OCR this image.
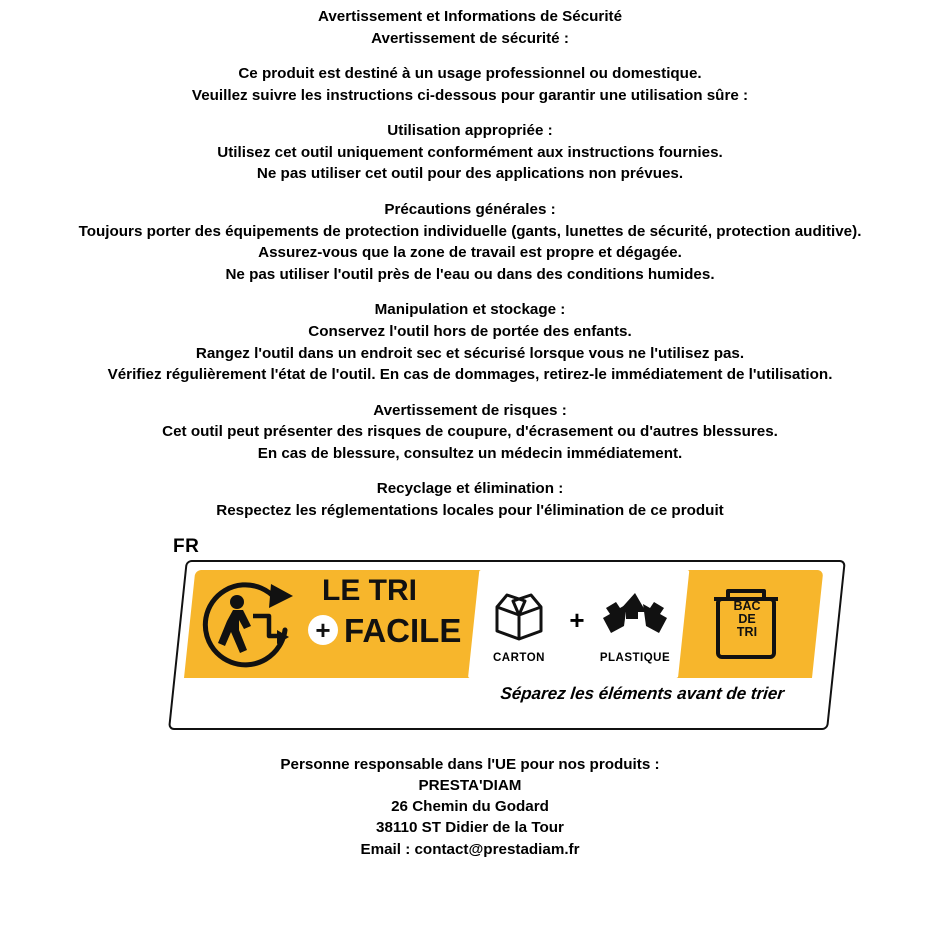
Avertissement et Informations de Sécurité
Avertissement de sécurité :
Ce produit est destiné à un usage professionnel ou domestique.
Veuillez suivre les instructions ci-dessous pour garantir une utilisation sûre :
Utilisation appropriée :
Utilisez cet outil uniquement conformément aux instructions fournies.
Ne pas utiliser cet outil pour des applications non prévues.
Précautions générales :
Toujours porter des équipements de protection individuelle (gants, lunettes de sécurité, protection auditive).
Assurez-vous que la zone de travail est propre et dégagée.
Ne pas utiliser l'outil près de l'eau ou dans des conditions humides.
Manipulation et stockage :
Conservez l'outil hors de portée des enfants.
Rangez l'outil dans un endroit sec et sécurisé lorsque vous ne l'utilisez pas.
Vérifiez régulièrement l'état de l'outil. En cas de dommages, retirez-le immédiatement de l'utilisation.
Avertissement de risques :
Cet outil peut présenter des risques de coupure, d'écrasement ou d'autres blessures.
En cas de blessure, consultez un médecin immédiatement.
Recyclage et élimination :
Respectez les réglementations locales pour l'élimination de ce produit
FR
LE TRI
+ FACILE
CARTON
+
PLASTIQUE
BAC
DE
TRI
Séparez les éléments avant de trier
Personne responsable dans l'UE pour nos produits :
PRESTA'DIAM
26 Chemin du Godard
38110 ST Didier de la Tour
Email : contact@prestadiam.fr
